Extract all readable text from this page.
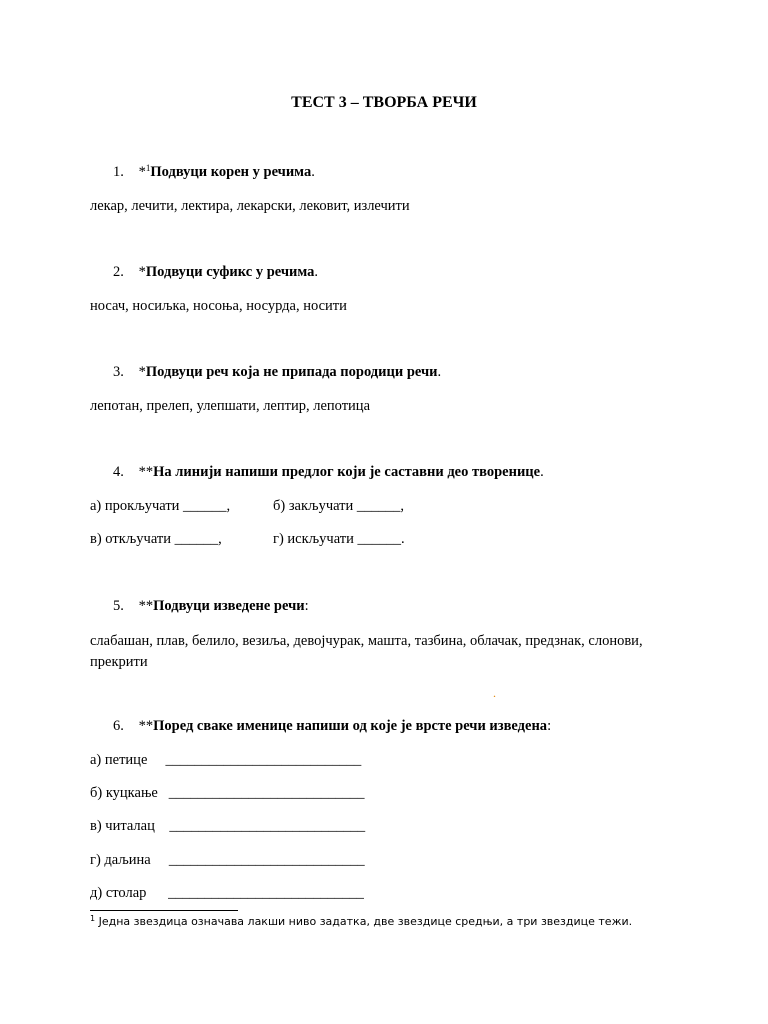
ТЕСТ 3 – ТВОРБА РЕЧИ
1. *$^1$Подвуци корен у речима.
лекар, лечити, лектира, лекарски, лековит, излечити
2. *Подвуци суфикс у речима.
носач, носиљка, носоња, носурда, носити
3. *Подвуци реч која не припада породици речи.
лепотан, прелеп, улепшати, лептир, лепотица
4. **На линији напиши предлог који је саставни део творенице.
а) прокључати ______,	б) закључати ______,
в) откључати ______,	г) искључати ______.
5. **Подвуци изведене речи:
слабашан, плав, белило, везиља, девојчурак, машта, тазбина, облачак, предзнак, слонови, прекрити
.
6. **Поред сваке именице напиши од које је врсте речи изведена:
а) петице     ___________________________
б) куцкање   ___________________________
в) читалац    ___________________________
г) даљина     ___________________________
д) столар      ___________________________
$^1$ Једна звездица означава лакши ниво задатка, две звездице средњи, а три звездице тежи.
